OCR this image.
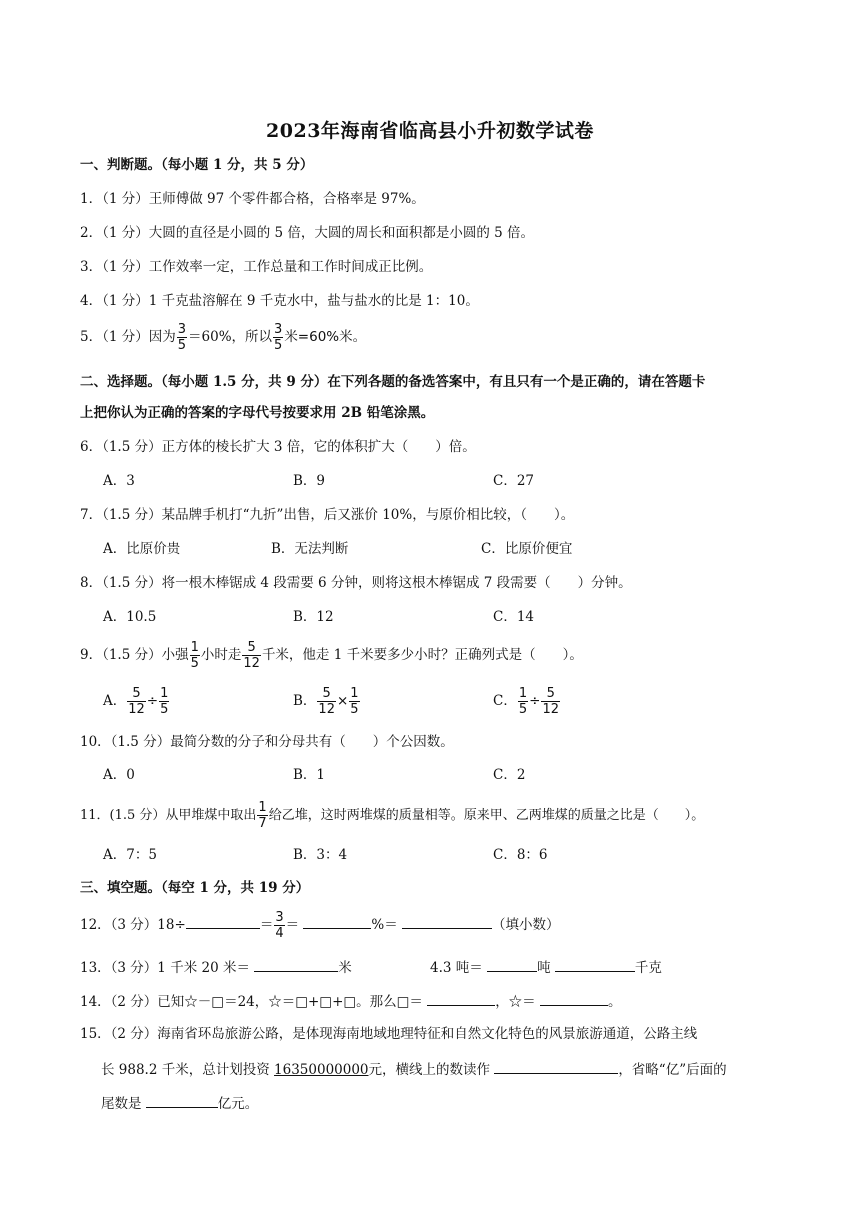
2023年海南省临高县小升初数学试卷
一、判断题。（每小题 1 分，共 5 分）
1．（1 分）王师傅做 97 个零件都合格，合格率是 97%。
2．（1 分）大圆的直径是小圆的 5 倍，大圆的周长和面积都是小圆的 5 倍。
3．（1 分）工作效率一定，工作总量和工作时间成正比例。
4．（1 分）1 千克盐溶解在 9 千克水中，盐与盐水的比是 1：10。
5．（1 分）因为 $\frac{3}{5} =60\%$，所以 $\frac{3}{5}$ 米=60%米。
二、选择题。（每小题 1.5 分，共 9 分）在下列各题的备选答案中，有且只有一个是正确的，请在答题卡
上把你认为正确的答案的字母代号按要求用 2B 铅笔涂黑。
6．（1.5 分）正方体的棱长扩大 3 倍，它的体积扩大（　　）倍。
A．3	B．9	C．27
7．（1.5 分）某品牌手机打“九折”出售，后又涨价 10%，与原价相比较，（　　）。
A．比原价贵	B．无法判断	C．比原价便宜
8．（1.5 分）将一根木棒锯成 4 段需要 6 分钟，则将这根木棒锯成 7 段需要（　　）分钟。
A．10.5	B．12	C．14
9．（1.5 分）小强 $\frac{1}{5}$ 小时走 $\frac{5}{12}$ 千米，他走 1 千米要多少小时？正确列式是（　　）。
A． $\frac{5}{12} \div \frac{1}{5}$	B． $\frac{5}{12} \times \frac{1}{5}$	C． $\frac{1}{5} \div \frac{5}{12}$
10．（1.5 分）最简分数的分子和分母共有（　　）个公因数。
A．0	B．1	C．2
11．(1.5 分）从甲堆煤中取出 $\frac{1}{7}$ 给乙堆，这时两堆煤的质量相等。原来甲、乙两堆煤的质量之比是（　　）。
A．7：5	B．3：4	C．8：6
三、填空题。（每空 1 分，共 19 分）
12．（3 分）18÷	＝ $\frac{3}{4}$ ＝	%＝	（填小数）
13．（3 分）1 千米 20 米＝	米	4.3 吨＝	吨	千克
14．（2 分）已知☆－□＝24，☆＝□+□+□。那么□＝	，☆＝	。
15．（2 分）海南省环岛旅游公路，是体现海南地域地理特征和自然文化特色的风景旅游通道，公路主线
长 988.2 千米，总计划投资 16350000000元，横线上的数读作	，省略“亿”后面的
尾数是	亿元。
